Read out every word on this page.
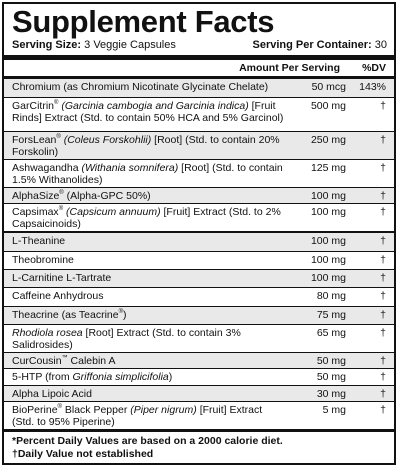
Supplement Facts
Serving Size: 3 Veggie Capsules	Serving Per Container: 30
Amount Per Serving	%DV
Chromium (as Chromium Nicotinate Glycinate Chelate)	50 mcg	143%
GarCitrin® (Garcinia cambogia and Garcinia indica) [Fruit Rinds] Extract (Std. to contain 50% HCA and 5% Garcinol)
500 mg	†
ForsLean® (Coleus Forskohlii) [Root] (Std. to contain 20% Forskolin)
250 mg	†
Ashwagandha (Withania somnifera) [Root] (Std. to contain 1.5% Withanolides)
125 mg	†
AlphaSize® (Alpha-GPC 50%)	100 mg	†
Capsimax® (Capsicum annuum) [Fruit] Extract (Std. to 2% Capsaicinoids)
100 mg	†
L-Theanine	100 mg	†
Theobromine	100 mg	†
L-Carnitine L-Tartrate	100 mg	†
Caffeine Anhydrous	80 mg	†
Theacrine (as Teacrine®)	75 mg	†
Rhodiola rosea [Root] Extract (Std. to contain 3% Salidrosides)
65 mg	†
CurCousin™ Calebin A	50 mg	†
5-HTP (from Griffonia simplicifolia)	50 mg	†
Alpha Lipoic Acid	30 mg	†
BioPerine® Black Pepper (Piper nigrum) [Fruit] Extract (Std. to 95% Piperine)
5 mg	†
*Percent Daily Values are based on a 2000 calorie diet.
†Daily Value not established
